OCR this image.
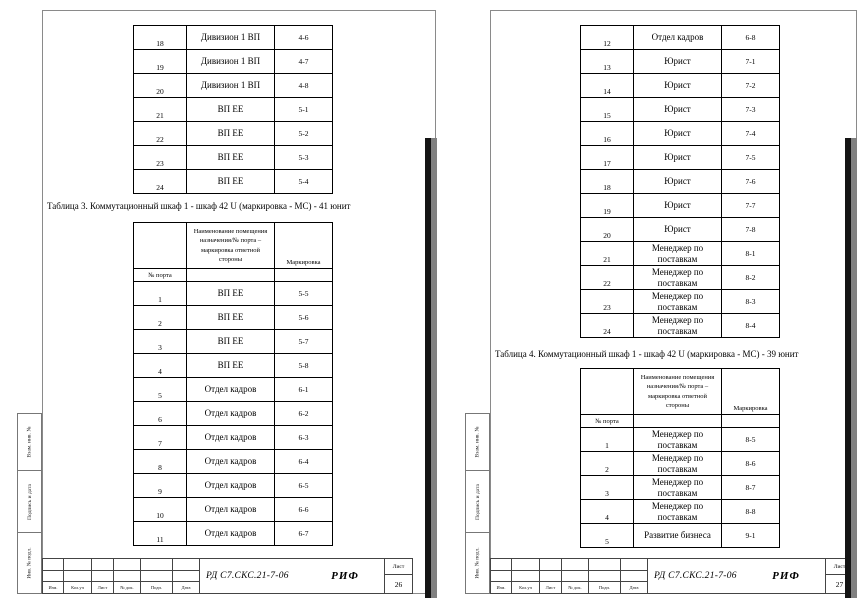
18	Дивизион 1 ВП	4-6
19	Дивизион 1 ВП	4-7
20	Дивизион 1 ВП	4-8
21	ВП ЕЕ	5-1
22	ВП ЕЕ	5-2
23	ВП ЕЕ	5-3
24	ВП ЕЕ	5-4
Таблица 3. Коммутационный шкаф 1 - шкаф 42 U (маркировка - МС) - 41 юнит
	Наименование помещения назначения/№ порта – маркировка ответной стороны	Маркировка
№ порта		
1	ВП ЕЕ	5-5
2	ВП ЕЕ	5-6
3	ВП ЕЕ	5-7
4	ВП ЕЕ	5-8
5	Отдел кадров	6-1
6	Отдел кадров	6-2
7	Отдел кадров	6-3
8	Отдел кадров	6-4
9	Отдел кадров	6-5
10	Отдел кадров	6-6
11	Отдел кадров	6-7
Изм.	Кол.уч	Лист	№ док.	Подп.	Дата
РД С7.СКС.21-7-06	РИФ
Лист
26
12	Отдел кадров	6-8
13	Юрист	7-1
14	Юрист	7-2
15	Юрист	7-3
16	Юрист	7-4
17	Юрист	7-5
18	Юрист	7-6
19	Юрист	7-7
20	Юрист	7-8
21	Менеджер по поставкам	8-1
22	Менеджер по поставкам	8-2
23	Менеджер по поставкам	8-3
24	Менеджер по поставкам	8-4
Таблица 4. Коммутационный шкаф 1 - шкаф 42 U (маркировка - МС) - 39 юнит
	Наименование помещения назначения/№ порта – маркировка ответной стороны	Маркировка
№ порта		
1	Менеджер по поставкам	8-5
2	Менеджер по поставкам	8-6
3	Менеджер по поставкам	8-7
4	Менеджер по поставкам	8-8
5	Развитие бизнеса	9-1
Изм.	Кол.уч	Лист	№ док.	Подп.	Дата
РД С7.СКС.21-7-06	РИФ
Лист
27
Взам. инв. №
Подпись и дата
Инв. № подл.
Взам. инв. №
Подпись и дата
Инв. № подл.
